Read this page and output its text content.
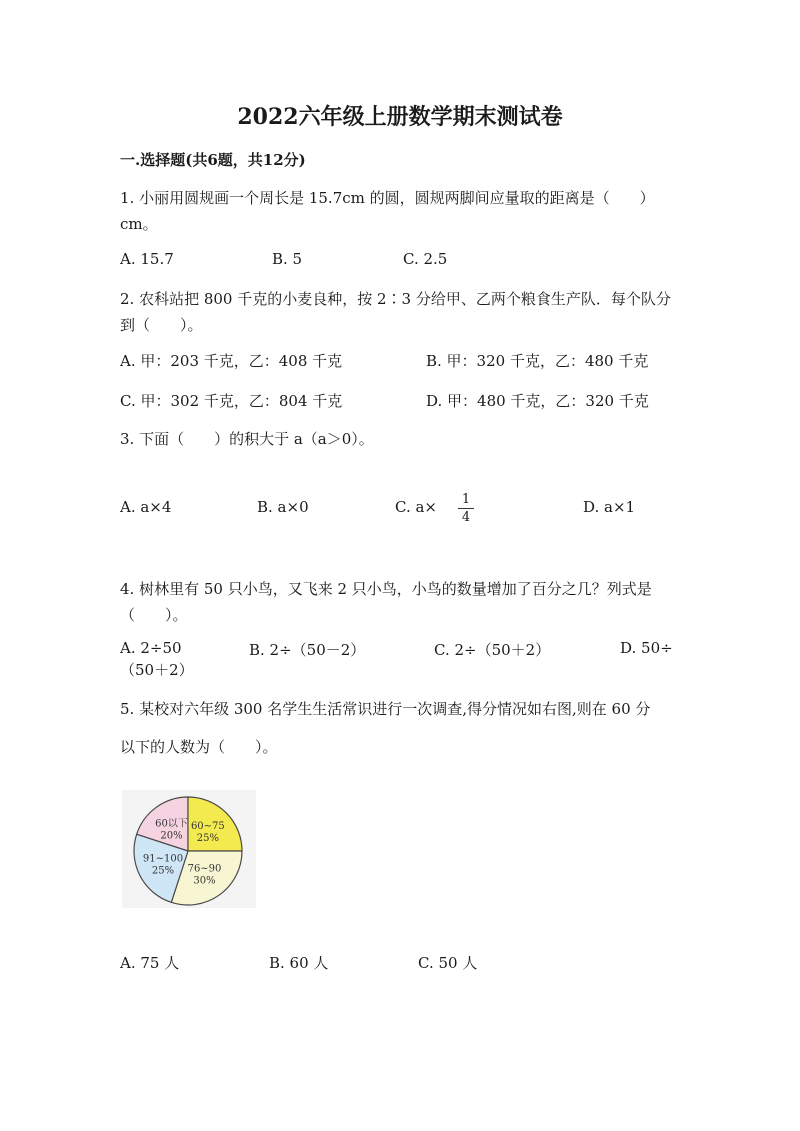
2022六年级上册数学期末测试卷
一.选择题(共6题，共12分)
1. 小丽用圆规画一个周长是 15.7cm 的圆，圆规两脚间应量取的距离是（　　）cm。
A. 15.7	B. 5	C. 2.5
2. 农科站把 800 千克的小麦良种，按 2∶3 分给甲、乙两个粮食生产队．每个队分到（　　）。
A. 甲：203 千克，乙：408 千克	B. 甲：320 千克，乙：480 千克
C. 甲：302 千克，乙：804 千克	D. 甲：480 千克，乙：320 千克
3. 下面（　　）的积大于 a（a＞0）。
A. a×4	B. a×0	C. a× 1
4
D. a×1
4. 树林里有 50 只小鸟，又飞来 2 只小鸟，小鸟的数量增加了百分之几？列式是（　　）。
A. 2÷50	B. 2÷（50－2）	C. 2÷（50＋2）	D. 50÷
（50＋2）
5. 某校对六年级 300 名学生生活常识进行一次调查,得分情况如右图,则在 60 分
以下的人数为（　　）。
60以下
20%
60~75
25%
76~90
30%
91~100
25%
A. 75 人	B. 60 人	C. 50 人
